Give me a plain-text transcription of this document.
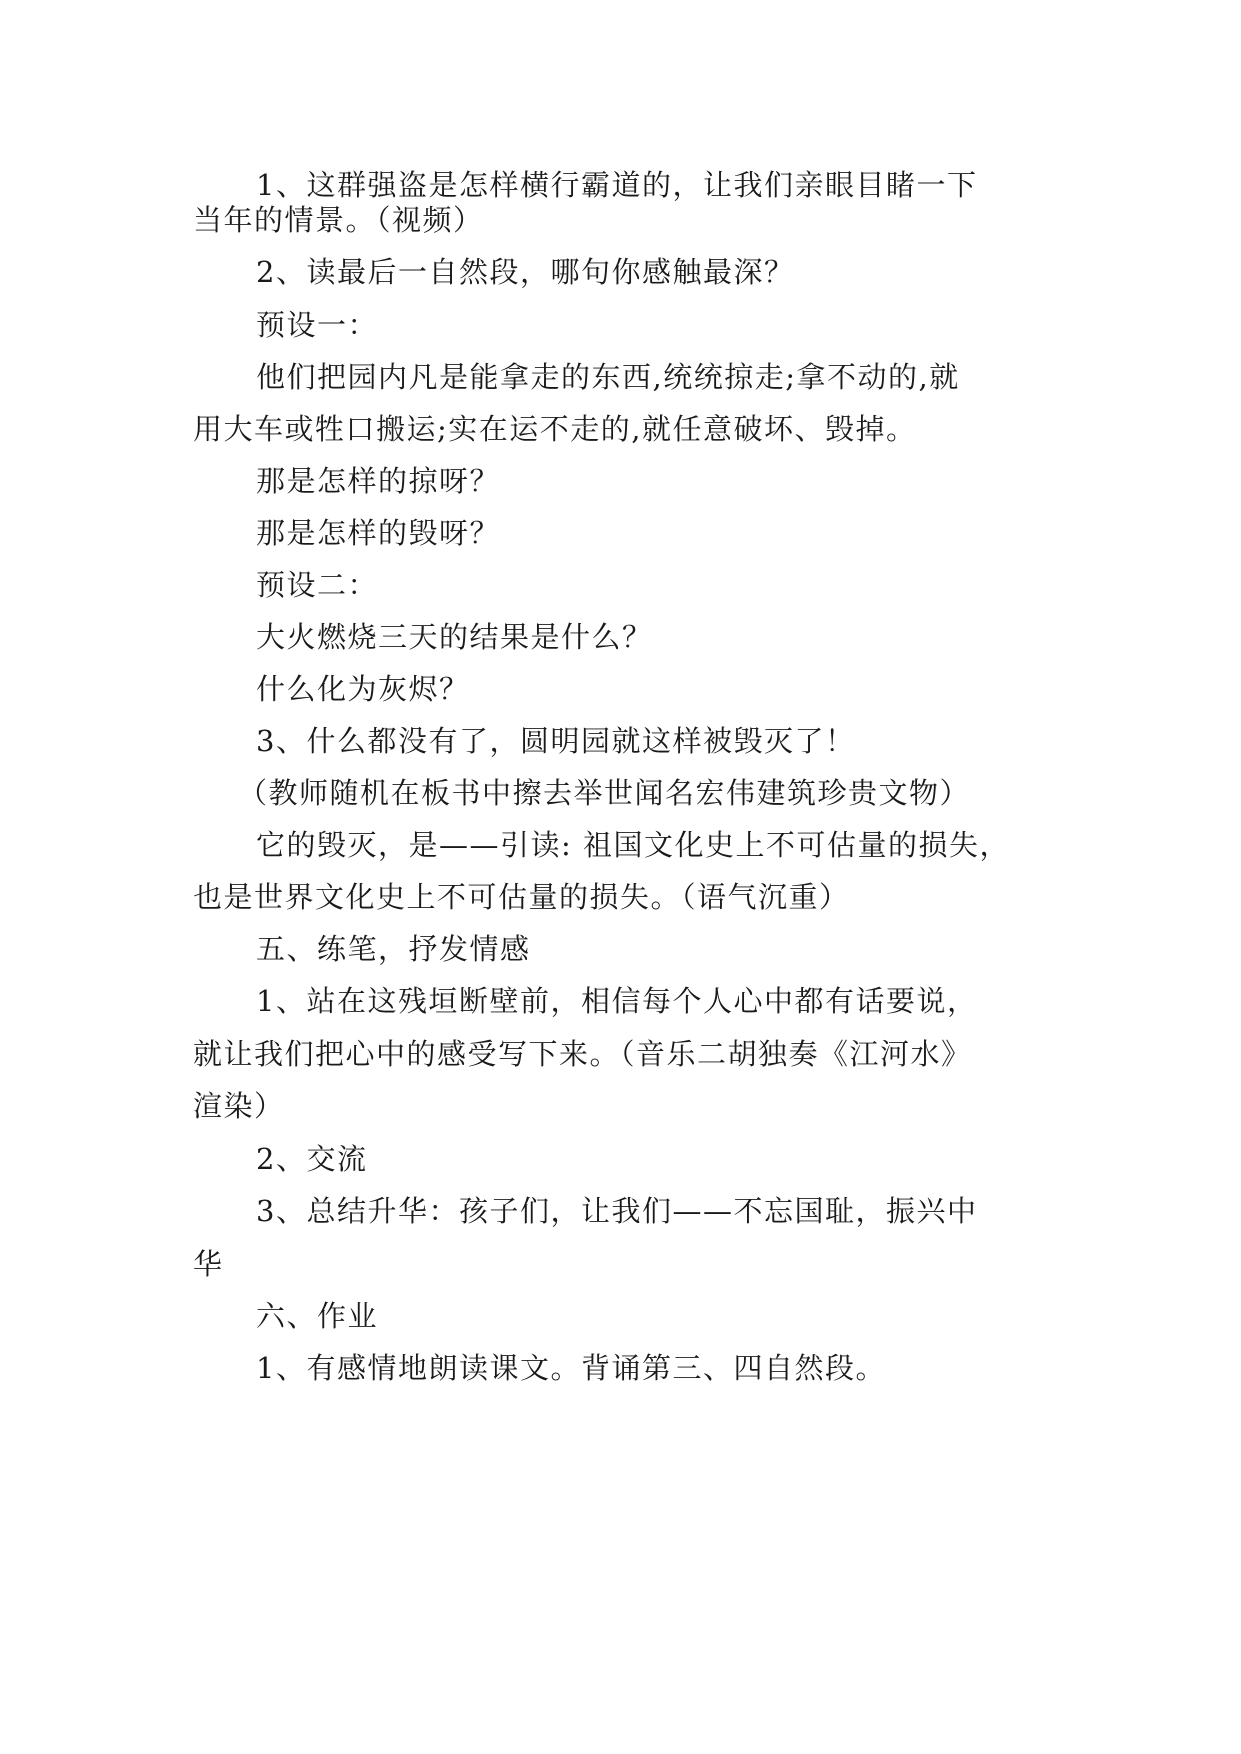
1、这群强盗是怎样横行霸道的，让我们亲眼目睹一下
当年的情景。（视频）
2、读最后一自然段，哪句你感触最深？
预设一：
他们把园内凡是能拿走的东西,统统掠走;拿不动的,就
用大车或牲口搬运;实在运不走的,就任意破坏、毁掉。
那是怎样的掠呀？
那是怎样的毁呀？
预设二：
大火燃烧三天的结果是什么？
什么化为灰烬？
3、什么都没有了，圆明园就这样被毁灭了！
（教师随机在板书中擦去举世闻名宏伟建筑珍贵文物）
它的毁灭，是——引读: 祖国文化史上不可估量的损失，
也是世界文化史上不可估量的损失。（语气沉重）
五、练笔，抒发情感
1、站在这残垣断壁前，相信每个人心中都有话要说，
就让我们把心中的感受写下来。（音乐二胡独奏《江河水》
渲染）
2、交流
3、总结升华：孩子们，让我们——不忘国耻，振兴中
华
六、作业
1、有感情地朗读课文。背诵第三、四自然段。
